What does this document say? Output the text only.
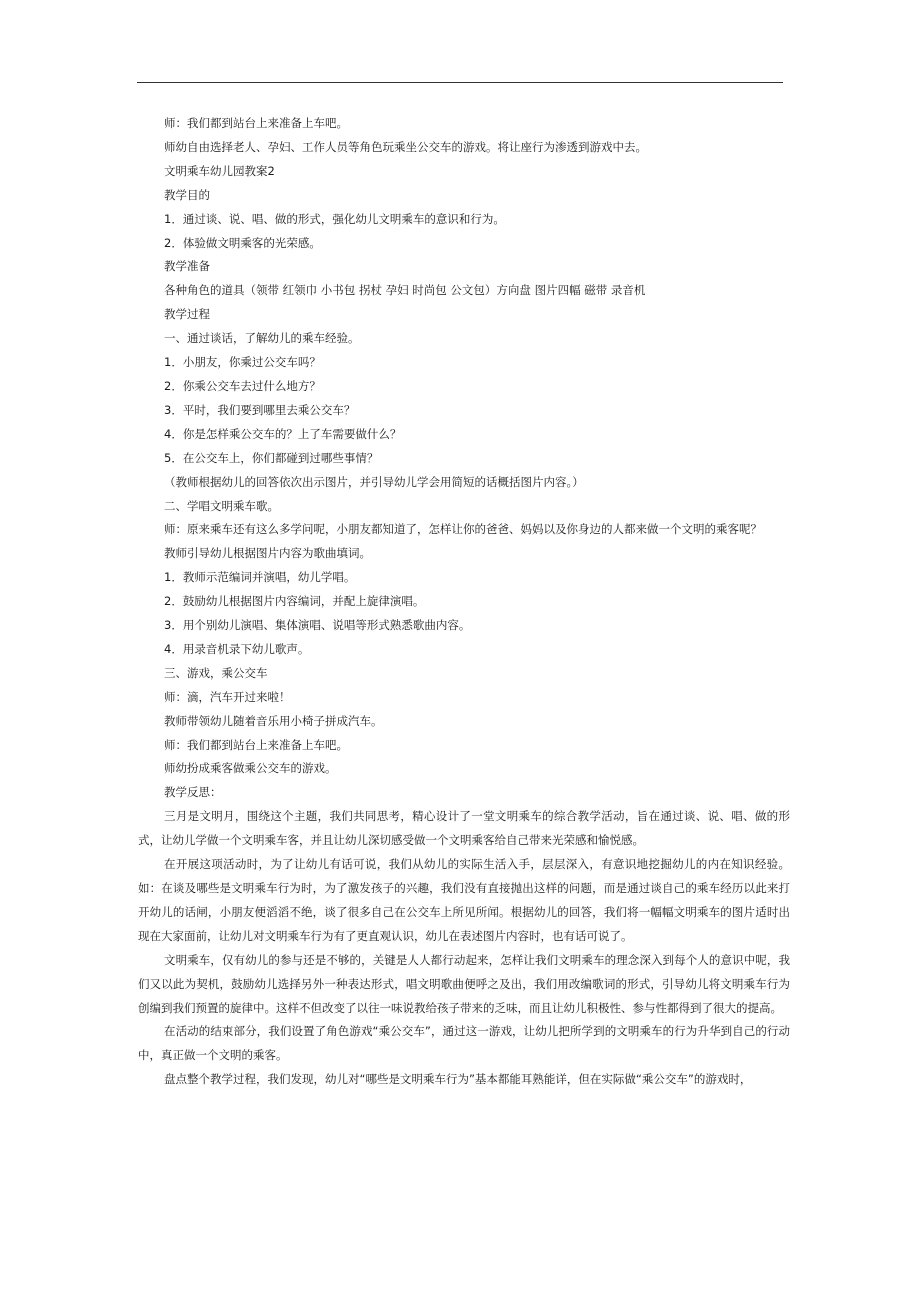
师：我们都到站台上来准备上车吧。

师幼自由选择老人、孕妇、工作人员等角色玩乘坐公交车的游戏。将让座行为渗透到游戏中去。

文明乘车幼儿园教案2

教学目的

1．通过谈、说、唱、做的形式，强化幼儿文明乘车的意识和行为。

2．体验做文明乘客的光荣感。

教学准备

各种角色的道具（领带 红领巾 小书包 拐杖 孕妇 时尚包 公文包）方向盘 图片四幅 磁带 录音机

教学过程

一、通过谈话，了解幼儿的乘车经验。

1．小朋友，你乘过公交车吗？

2．你乘公交车去过什么地方？

3．平时，我们要到哪里去乘公交车？

4．你是怎样乘公交车的？上了车需要做什么？

5．在公交车上，你们都碰到过哪些事情？

（教师根据幼儿的回答依次出示图片，并引导幼儿学会用简短的话概括图片内容。）

二、学唱文明乘车歌。

师：原来乘车还有这么多学问呢，小朋友都知道了，怎样让你的爸爸、妈妈以及你身边的人都来做一个文明的乘客呢？

教师引导幼儿根据图片内容为歌曲填词。

1．教师示范编词并演唱，幼儿学唱。

2．鼓励幼儿根据图片内容编词，并配上旋律演唱。

3．用个别幼儿演唱、集体演唱、说唱等形式熟悉歌曲内容。

4．用录音机录下幼儿歌声。

三、游戏，乘公交车

师：滴，汽车开过来啦！

教师带领幼儿随着音乐用小椅子拼成汽车。

师：我们都到站台上来准备上车吧。

师幼扮成乘客做乘公交车的游戏。

教学反思：

三月是文明月，围绕这个主题，我们共同思考，精心设计了一堂文明乘车的综合教学活动，旨在通过谈、说、唱、做的形式，让幼儿学做一个文明乘车客，并且让幼儿深切感受做一个文明乘客给自己带来光荣感和愉悦感。

在开展这项活动时，为了让幼儿有话可说，我们从幼儿的实际生活入手，层层深入，有意识地挖掘幼儿的内在知识经验。如：在谈及哪些是文明乘车行为时，为了激发孩子的兴趣，我们没有直接抛出这样的问题，而是通过谈自己的乘车经历以此来打开幼儿的话闸，小朋友便滔滔不绝，谈了很多自己在公交车上所见所闻。根据幼儿的回答，我们将一幅幅文明乘车的图片适时出现在大家面前，让幼儿对文明乘车行为有了更直观认识，幼儿在表述图片内容时，也有话可说了。

文明乘车，仅有幼儿的参与还是不够的，关键是人人都行动起来，怎样让我们文明乘车的理念深入到每个人的意识中呢，我们又以此为契机，鼓励幼儿选择另外一种表达形式，唱文明歌曲便呼之及出，我们用改编歌词的形式，引导幼儿将文明乘车行为创编到我们预置的旋律中。这样不但改变了以往一味说教给孩子带来的乏味，而且让幼儿积极性、参与性都得到了很大的提高。

在活动的结束部分，我们设置了角色游戏“乘公交车”，通过这一游戏，让幼儿把所学到的文明乘车的行为升华到自己的行动中，真正做一个文明的乘客。

盘点整个教学过程，我们发现，幼儿对“哪些是文明乘车行为”基本都能耳熟能详，但在实际做“乘公交车”的游戏时，
